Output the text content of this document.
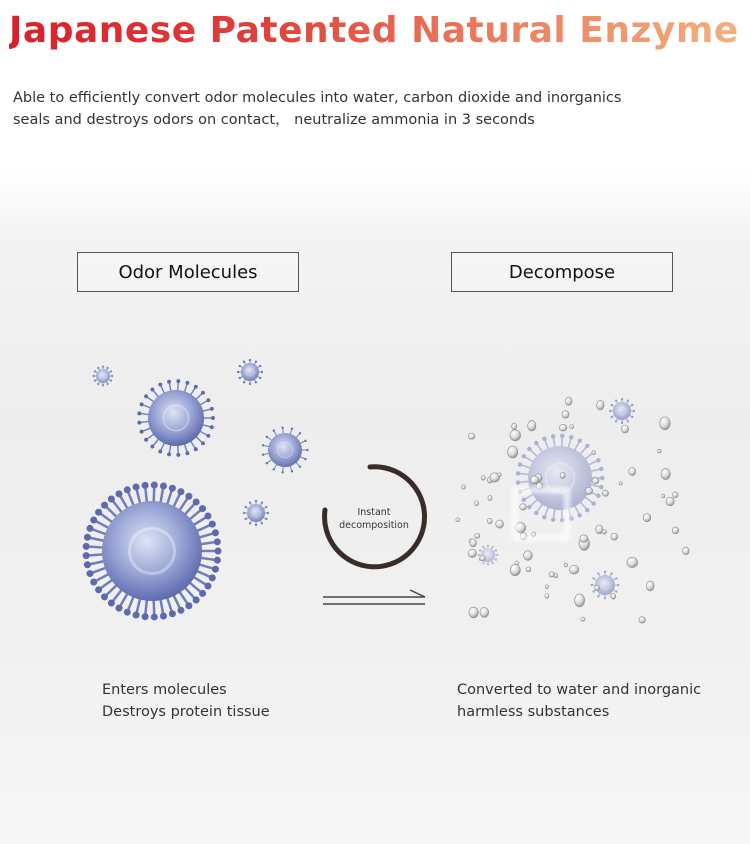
Japanese Patented Natural Enzyme
Able to efficiently convert odor molecules into water, carbon dioxide and inorganics
seals and destroys odors on contact， neutralize ammonia in 3 seconds
Odor Molecules	Decompose
Instant
decomposition
Enters molecules
Destroys protein tissue
Converted to water and inorganic
harmless substances
